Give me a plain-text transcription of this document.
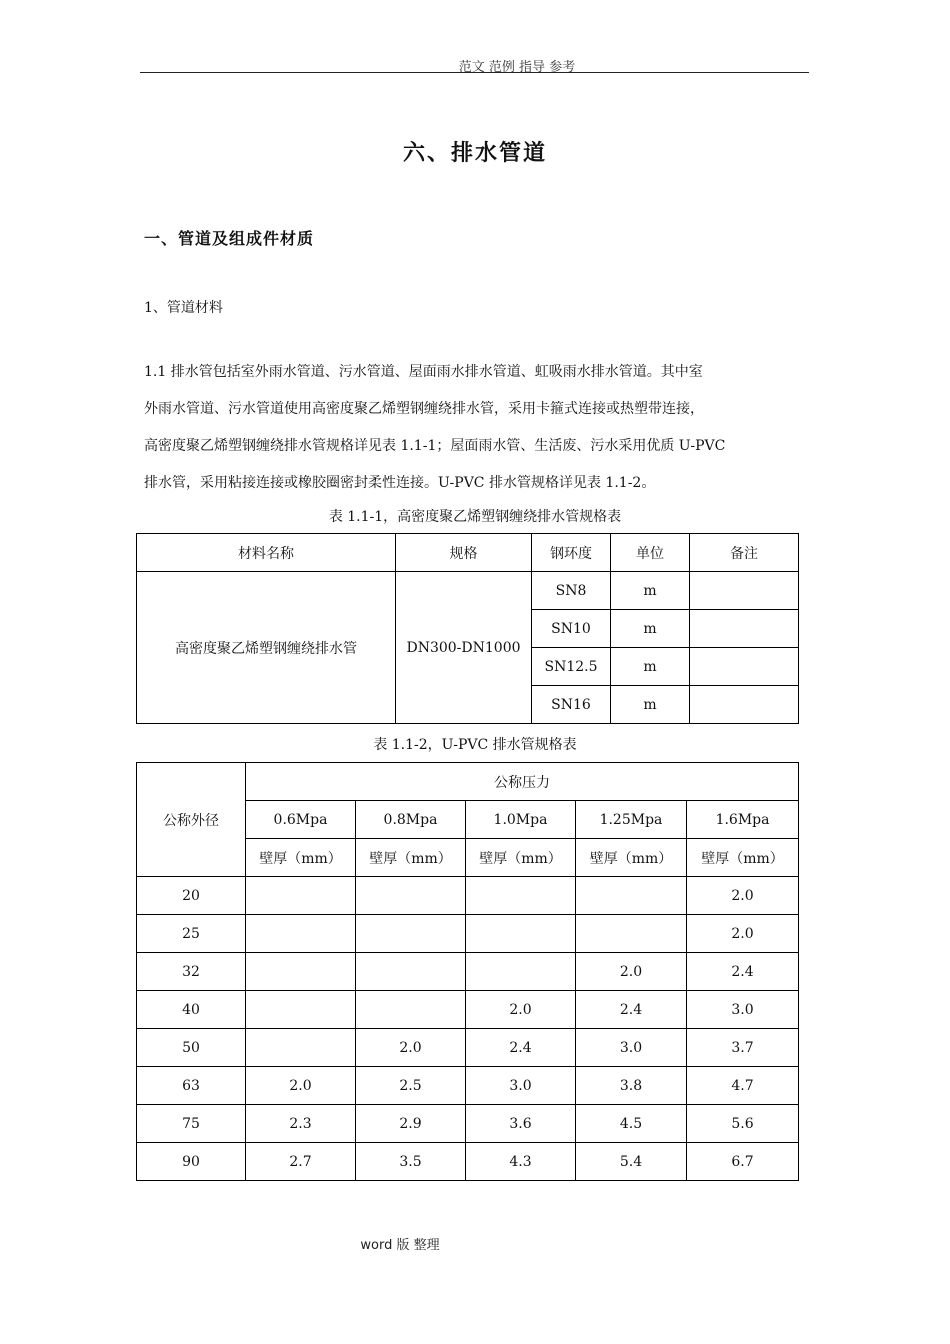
范文 范例 指导 参考
六、排水管道
一、管道及组成件材质
1、管道材料
1.1 排水管包括室外雨水管道、污水管道、屋面雨水排水管道、虹吸雨水排水管道。其中室
外雨水管道、污水管道使用高密度聚乙烯塑钢缠绕排水管，采用卡箍式连接或热塑带连接，
高密度聚乙烯塑钢缠绕排水管规格详见表 1.1-1；屋面雨水管、生活废、污水采用优质 U-PVC
排水管，采用粘接连接或橡胶圈密封柔性连接。U-PVC 排水管规格详见表 1.1-2。
表 1.1-1，高密度聚乙烯塑钢缠绕排水管规格表
材料名称	规格	钢环度	单位	备注
高密度聚乙烯塑钢缠绕排水管	DN300-DN1000	SN8	m	
		SN10	m	
		SN12.5	m	
		SN16	m	
表 1.1-2，U-PVC 排水管规格表
公称外径	公称压力				
	0.6Mpa	0.8Mpa	1.0Mpa	1.25Mpa	1.6Mpa
	壁厚（mm）	壁厚（mm）	壁厚（mm）	壁厚（mm）	壁厚（mm）
20					2.0
25					2.0
32				2.0	2.4
40			2.0	2.4	3.0
50		2.0	2.4	3.0	3.7
63	2.0	2.5	3.0	3.8	4.7
75	2.3	2.9	3.6	4.5	5.6
90	2.7	3.5	4.3	5.4	6.7
word 版 整理
